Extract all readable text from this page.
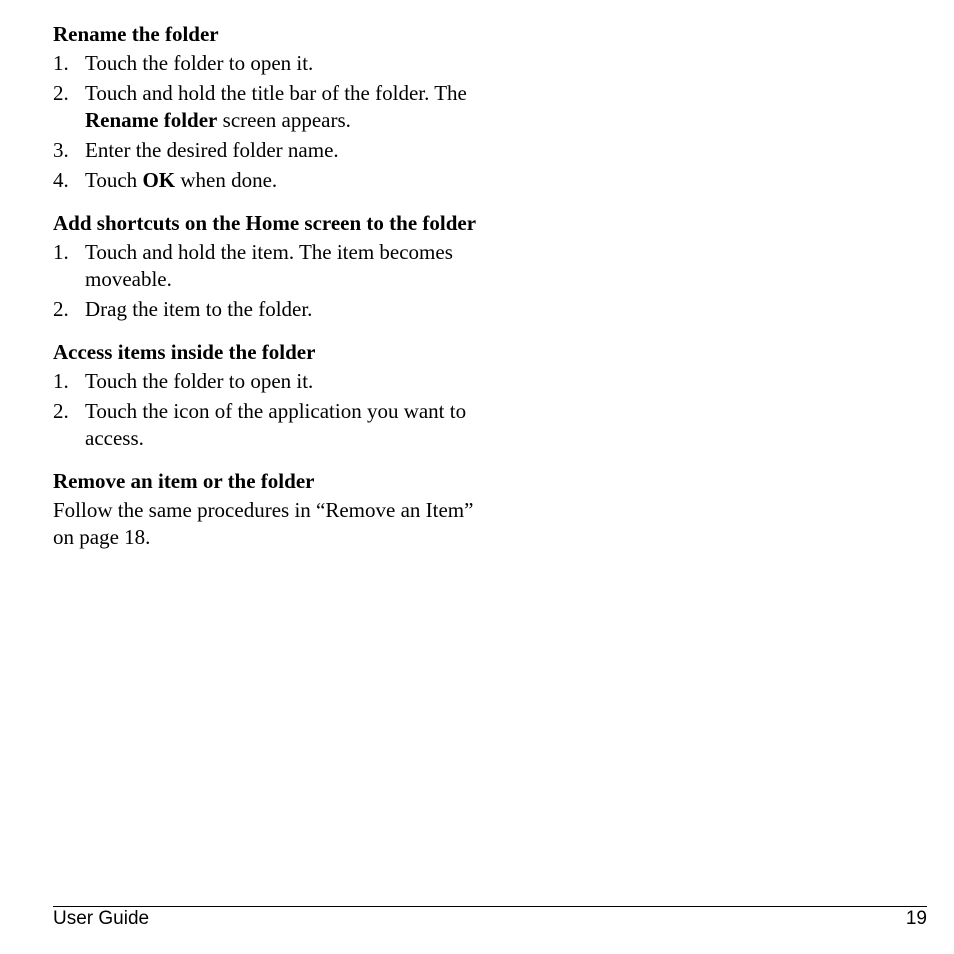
Rename the folder
1. Touch the folder to open it.
2. Touch and hold the title bar of the folder. The Rename folder screen appears.
3. Enter the desired folder name.
4. Touch OK when done.
Add shortcuts on the Home screen to the folder
1. Touch and hold the item. The item becomes moveable.
2. Drag the item to the folder.
Access items inside the folder
1. Touch the folder to open it.
2. Touch the icon of the application you want to access.
Remove an item or the folder

Follow the same procedures in “Remove an Item” on page 18.

User Guide	19
